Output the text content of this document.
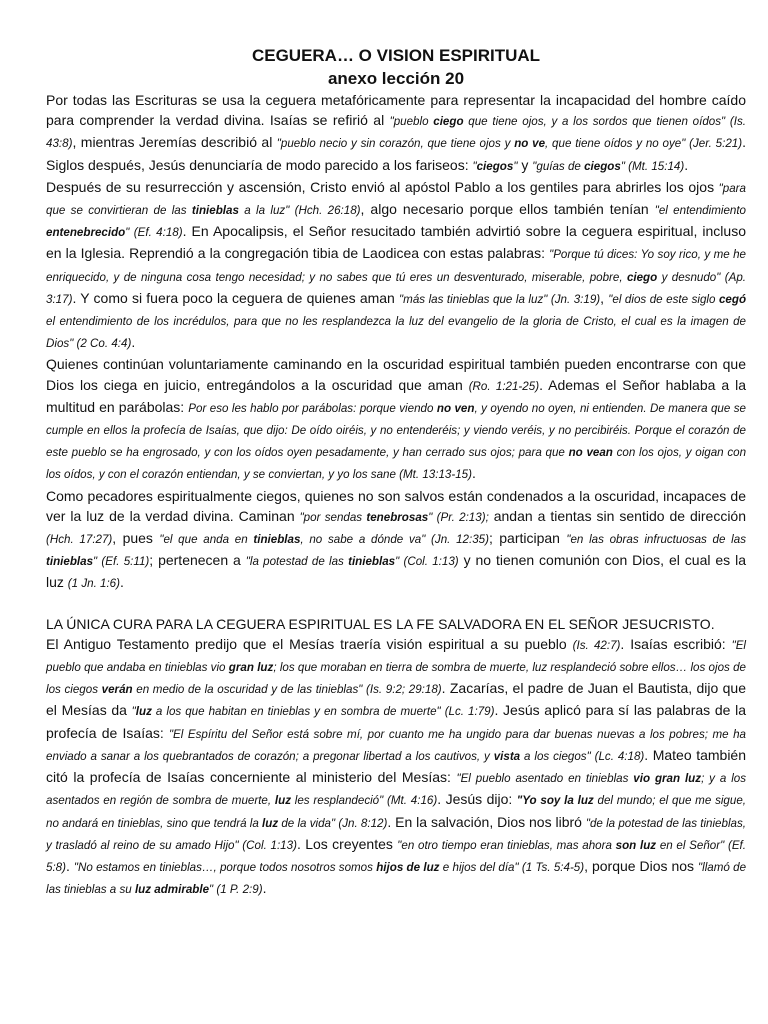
CEGUERA… O VISION ESPIRITUAL

anexo lección 20

Por todas las Escrituras se usa la ceguera metafóricamente para representar la incapacidad del hombre caído para comprender la verdad divina. Isaías se refirió al "pueblo ciego que tiene ojos, y a los sordos que tienen oídos" (Is. 43:8), mientras Jeremías describió al "pueblo necio y sin corazón, que tiene ojos y no ve, que tiene oídos y no oye" (Jer. 5:21). Siglos después, Jesús denunciaría de modo parecido a los fariseos: "ciegos" y "guías de ciegos" (Mt. 15:14).

Después de su resurrección y ascensión, Cristo envió al apóstol Pablo a los gentiles para abrirles los ojos "para que se convirtieran de las tinieblas a la luz" (Hch. 26:18), algo necesario porque ellos también tenían "el entendimiento entenebrecido" (Ef. 4:18). En Apocalipsis, el Señor resucitado también advirtió sobre la ceguera espiritual, incluso en la Iglesia. Reprendió a la congregación tibia de Laodicea con estas palabras: "Porque tú dices: Yo soy rico, y me he enriquecido, y de ninguna cosa tengo necesidad; y no sabes que tú eres un desventurado, miserable, pobre, ciego y desnudo" (Ap. 3:17). Y como si fuera poco la ceguera de quienes aman "más las tinieblas que la luz" (Jn. 3:19), "el dios de este siglo cegó el entendimiento de los incrédulos, para que no les resplandezca la luz del evangelio de la gloria de Cristo, el cual es la imagen de Dios" (2 Co. 4:4).

Quienes continúan voluntariamente caminando en la oscuridad espiritual también pueden encontrarse con que Dios los ciega en juicio, entregándolos a la oscuridad que aman (Ro. 1:21-25). Ademas el Señor hablaba a la multitud en parábolas: Por eso les hablo por parábolas: porque viendo no ven, y oyendo no oyen, ni entienden. De manera que se cumple en ellos la profecía de Isaías, que dijo: De oído oiréis, y no entenderéis; y viendo veréis, y no percibiréis. Porque el corazón de este pueblo se ha engrosado, y con los oídos oyen pesadamente, y han cerrado sus ojos; para que no vean con los ojos, y oigan con los oídos, y con el corazón entiendan, y se conviertan, y yo los sane (Mt. 13:13-15).

Como pecadores espiritualmente ciegos, quienes no son salvos están condenados a la oscuridad, incapaces de ver la luz de la verdad divina. Caminan "por sendas tenebrosas" (Pr. 2:13); andan a tientas sin sentido de dirección (Hch. 17:27), pues "el que anda en tinieblas, no sabe a dónde va" (Jn. 12:35); participan "en las obras infructuosas de las tinieblas" (Ef. 5:11); pertenecen a "la potestad de las tinieblas" (Col. 1:13) y no tienen comunión con Dios, el cual es la luz (1 Jn. 1:6).

LA ÚNICA CURA PARA LA CEGUERA ESPIRITUAL ES LA FE SALVADORA EN EL SEÑOR JESUCRISTO.

El Antiguo Testamento predijo que el Mesías traería visión espiritual a su pueblo (Is. 42:7). Isaías escribió: "El pueblo que andaba en tinieblas vio gran luz; los que moraban en tierra de sombra de muerte, luz resplandeció sobre ellos… los ojos de los ciegos verán en medio de la oscuridad y de las tinieblas" (Is. 9:2; 29:18). Zacarías, el padre de Juan el Bautista, dijo que el Mesías da "luz a los que habitan en tinieblas y en sombra de muerte" (Lc. 1:79). Jesús aplicó para sí las palabras de la profecía de Isaías: "El Espíritu del Señor está sobre mí, por cuanto me ha ungido para dar buenas nuevas a los pobres; me ha enviado a sanar a los quebrantados de corazón; a pregonar libertad a los cautivos, y vista a los ciegos" (Lc. 4:18). Mateo también citó la profecía de Isaías concerniente al ministerio del Mesías: "El pueblo asentado en tinieblas vio gran luz; y a los asentados en región de sombra de muerte, luz les resplandeció" (Mt. 4:16). Jesús dijo: "Yo soy la luz del mundo; el que me sigue, no andará en tinieblas, sino que tendrá la luz de la vida" (Jn. 8:12). En la salvación, Dios nos libró "de la potestad de las tinieblas, y trasladó al reino de su amado Hijo" (Col. 1:13). Los creyentes "en otro tiempo eran tinieblas, mas ahora son luz en el Señor" (Ef. 5:8). "No estamos en tinieblas…, porque todos nosotros somos hijos de luz e hijos del día" (1 Ts. 5:4-5), porque Dios nos "llamó de las tinieblas a su luz admirable" (1 P. 2:9).
